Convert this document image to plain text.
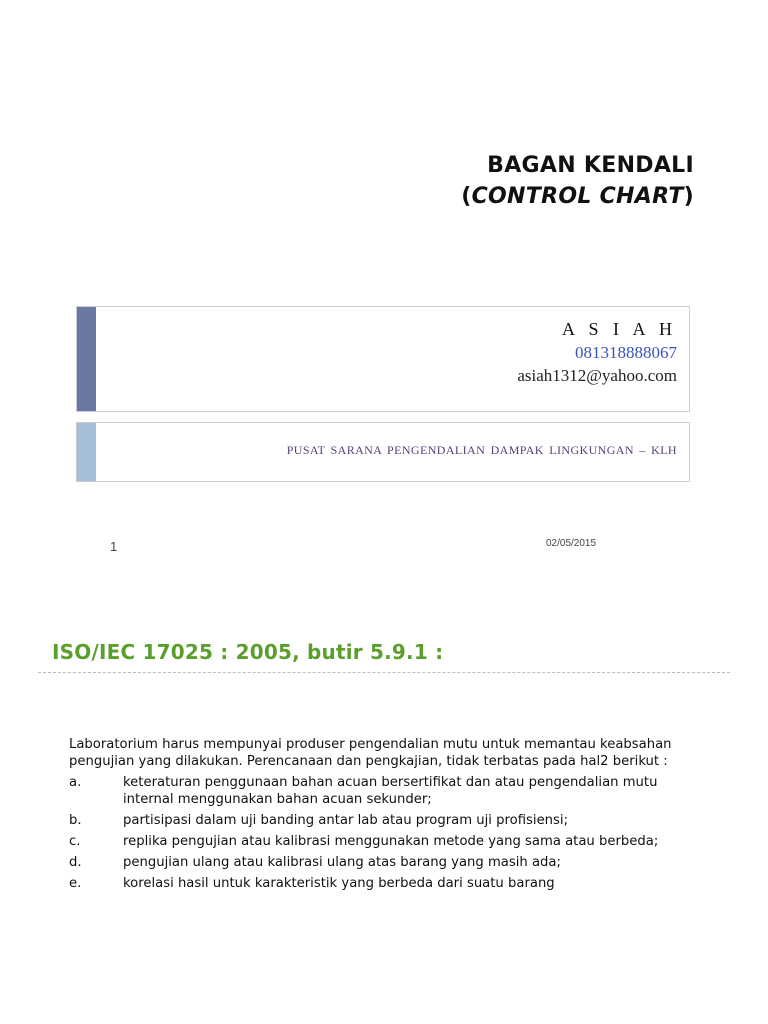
BAGAN KENDALI
(CONTROL CHART)
A S I A H
081318888067
asiah1312@yahoo.com
PUSAT SARANA PENGENDALIAN DAMPAK LINGKUNGAN – KLH
1	02/05/2015
ISO/IEC 17025 : 2005, butir 5.9.1 :

Laboratorium harus mempunyai produser pengendalian mutu untuk memantau keabsahan pengujian yang dilakukan. Perencanaan dan pengkajian, tidak terbatas pada hal2 berikut :

a.	keteraturan penggunaan bahan acuan bersertifikat dan atau pengendalian mutu internal menggunakan bahan acuan sekunder;
b.	partisipasi dalam uji banding antar lab atau program uji profisiensi;
c.	replika pengujian atau kalibrasi menggunakan metode yang sama atau berbeda;
d.	pengujian ulang atau kalibrasi ulang atas barang yang masih ada;
e.	korelasi hasil untuk karakteristik yang berbeda dari suatu barang
